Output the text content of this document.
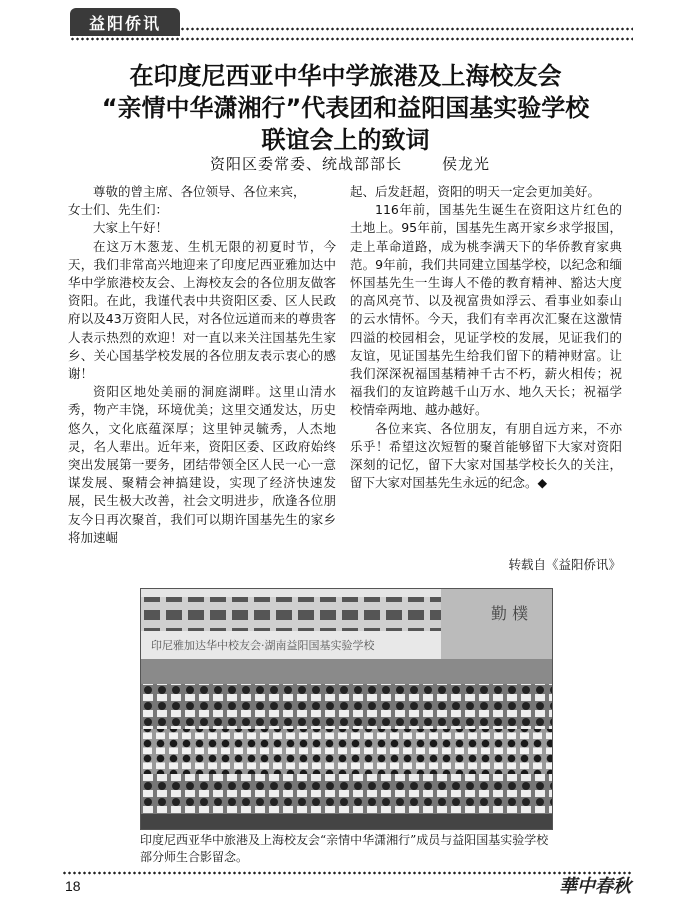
益阳侨讯
在印度尼西亚中华中学旅港及上海校友会
“亲情中华潇湘行”代表团和益阳国基实验学校
联谊会上的致词
资阳区委常委、统战部部长	侯龙光

尊敬的曾主席、各位领导、各位来宾，

女士们、先生们：

大家上午好！

在这万木葱茏、生机无限的初夏时节，今天，我们非常高兴地迎来了印度尼西亚雅加达中华中学旅港校友会、上海校友会的各位朋友做客资阳。在此，我谨代表中共资阳区委、区人民政府以及43万资阳人民，对各位远道而来的尊贵客人表示热烈的欢迎！对一直以来关注国基先生家乡、关心国基学校发展的各位朋友表示衷心的感谢！

资阳区地处美丽的洞庭湖畔。这里山清水秀，物产丰饶，环境优美；这里交通发达，历史悠久，文化底蕴深厚；这里钟灵毓秀，人杰地灵，名人辈出。近年来，资阳区委、区政府始终突出发展第一要务，团结带领全区人民一心一意谋发展、聚精会神搞建设，实现了经济快速发展，民生极大改善，社会文明进步，欣逢各位朋友今日再次聚首，我们可以期许国基先生的家乡将加速崛

起、后发赶超，资阳的明天一定会更加美好。

116年前，国基先生诞生在资阳这片红色的土地上。95年前，国基先生离开家乡求学报国，走上革命道路，成为桃李满天下的华侨教育家典范。9年前，我们共同建立国基学校，以纪念和缅怀国基先生一生诲人不倦的教育精神、豁达大度的高风亮节、以及视富贵如浮云、看事业如泰山的云水情怀。今天，我们有幸再次汇聚在这激情四溢的校园相会，见证学校的发展，见证我们的友谊，见证国基先生给我们留下的精神财富。让我们深深祝福国基精神千古不朽，薪火相传；祝福我们的友谊跨越千山万水、地久天长；祝福学校情牵两地、越办越好。

各位来宾、各位朋友，有朋自远方来，不亦乐乎！希望这次短暂的聚首能够留下大家对资阳深刻的记忆，留下大家对国基学校长久的关注，留下大家对国基先生永远的纪念。◆

转载自《益阳侨讯》
勤 樸
印尼雅加达华中校友会·湖南益阳国基实验学校
印度尼西亚华中旅港及上海校友会“亲情中华潇湘行”成员与益阳国基实验学校部分师生合影留念。
18	華中春秋
